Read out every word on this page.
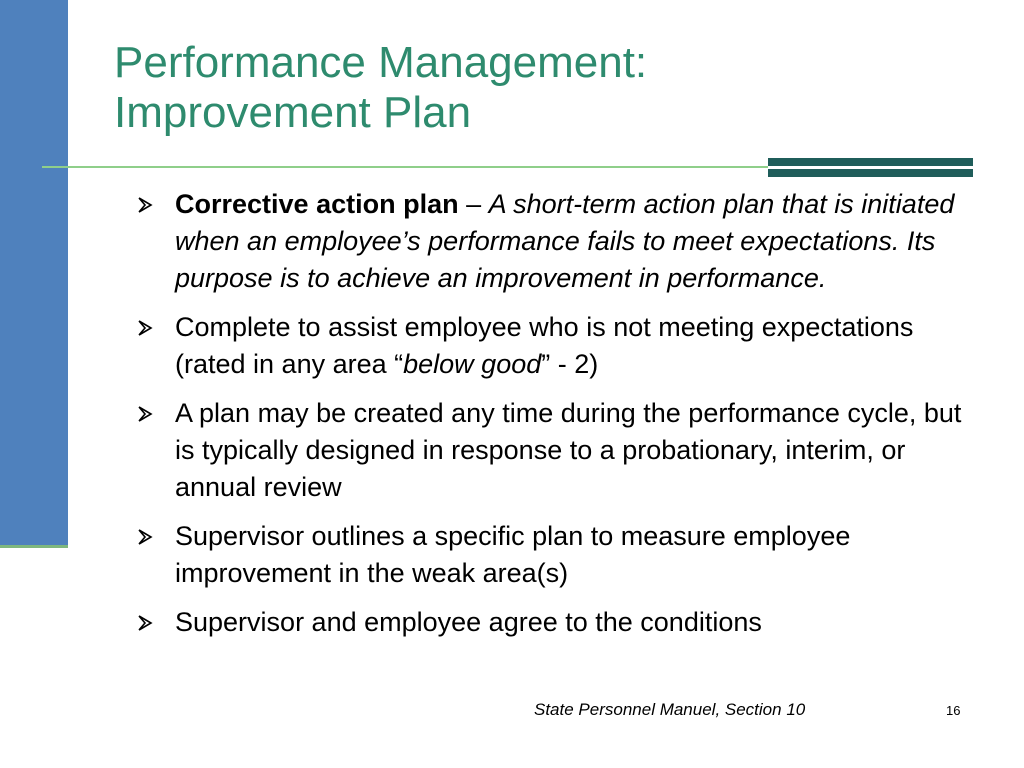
Performance Management:
Improvement Plan
Corrective action plan – A short-term action plan that is initiated when an employee’s performance fails to meet expectations. Its purpose is to achieve an improvement in performance.
Complete to assist employee who is not meeting expectations (rated in any area “below good” - 2)
A plan may be created any time during the performance cycle, but is typically designed in response to a probationary, interim, or annual review
Supervisor outlines a specific plan to measure employee improvement in the weak area(s)
Supervisor and employee agree to the conditions
State Personnel Manuel, Section 10	16
